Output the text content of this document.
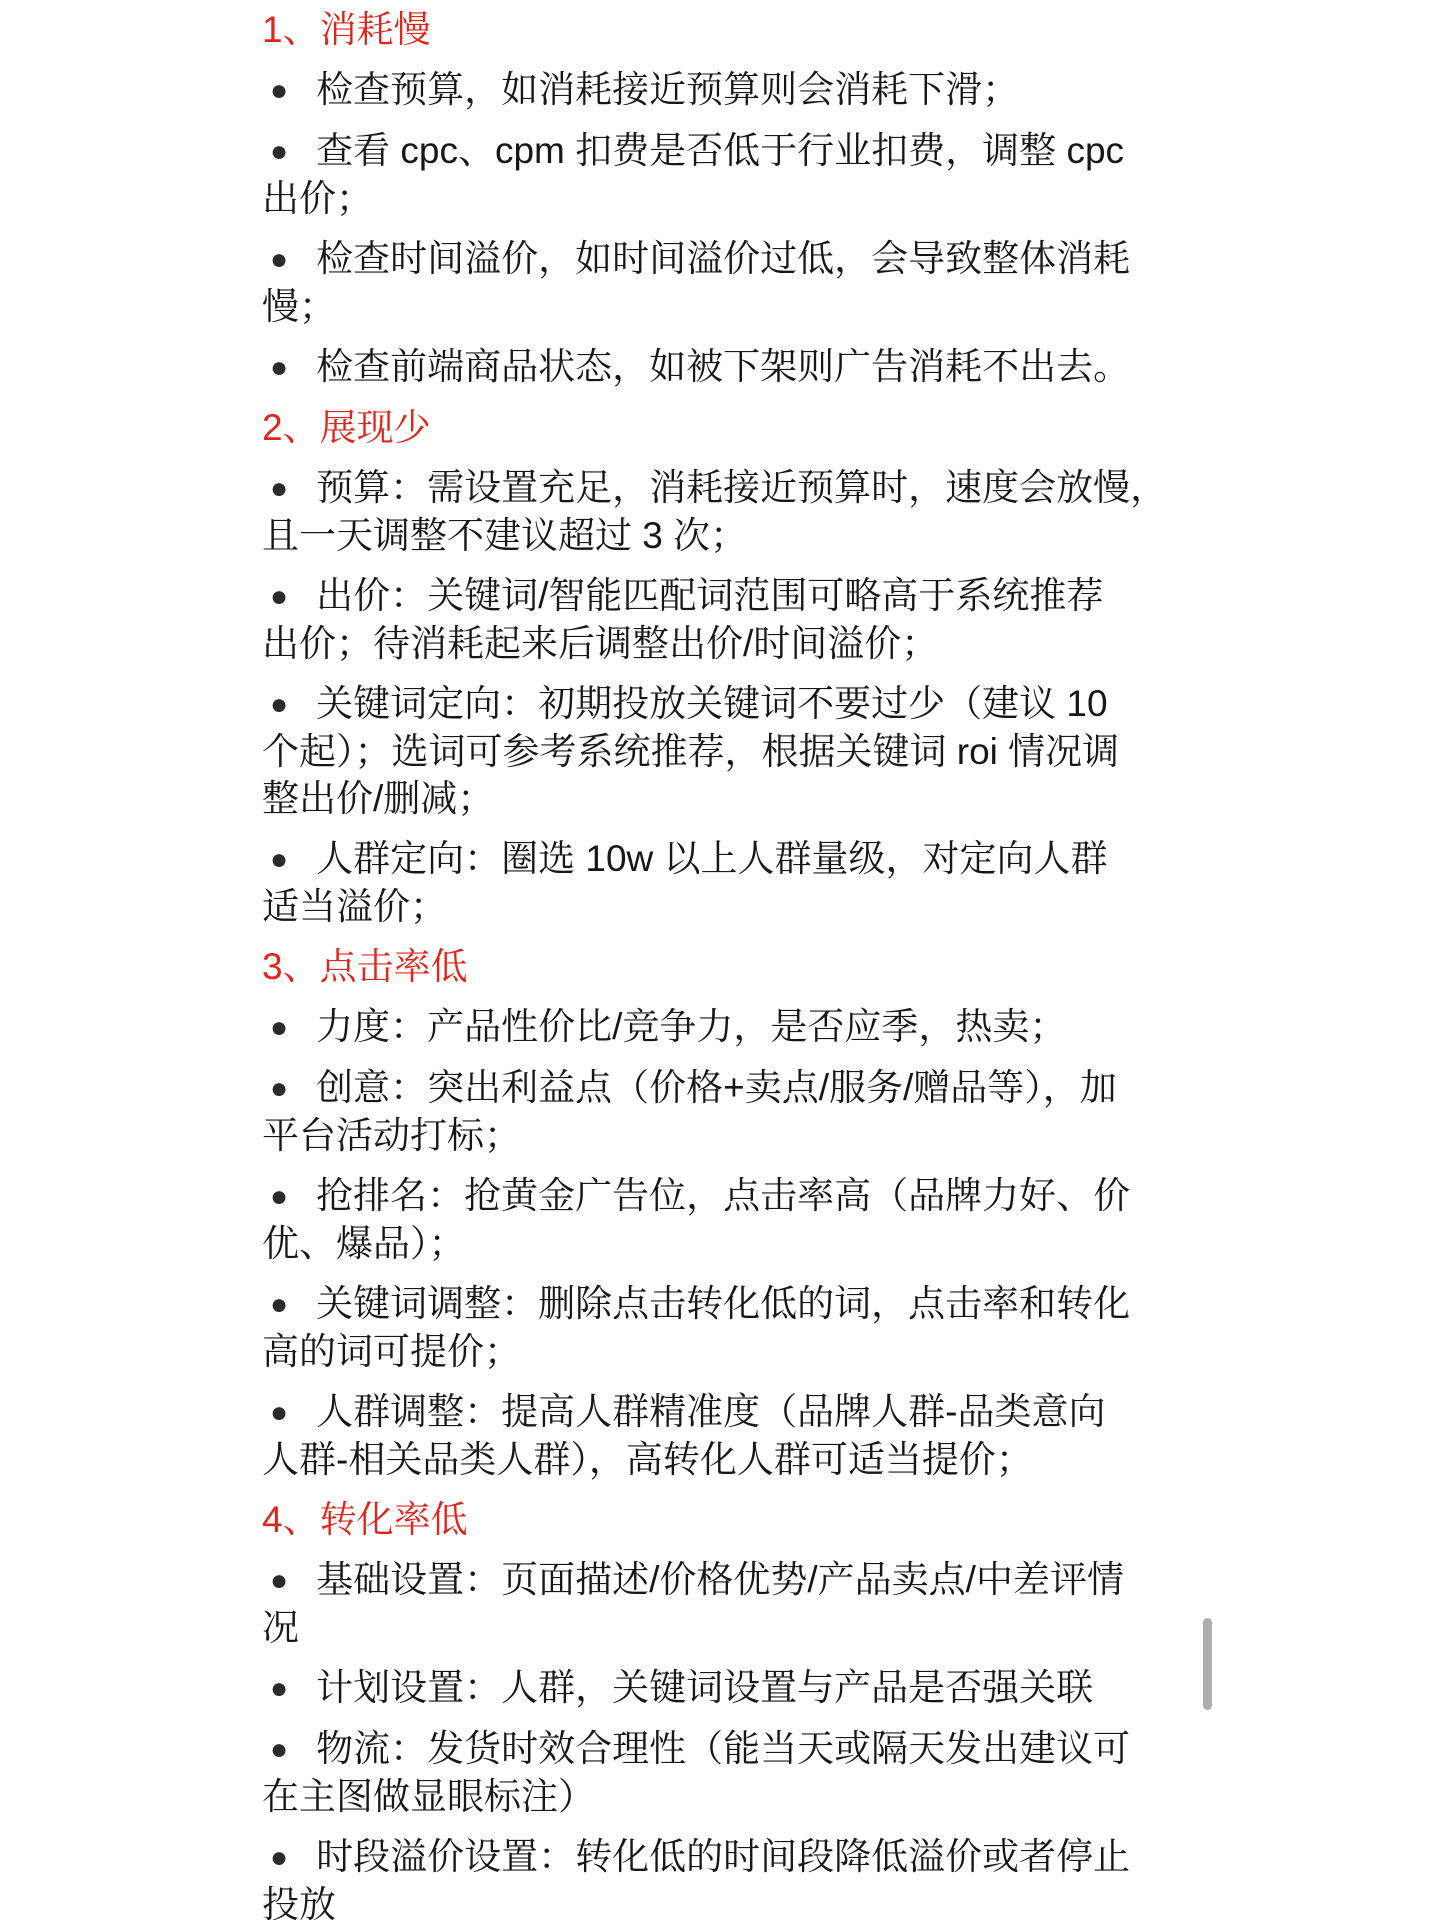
1、消耗慢

● 检查预算，如消耗接近预算则会消耗下滑；

● 查看 cpc、cpm 扣费是否低于行业扣费，调整 cpc
出价；

● 检查时间溢价，如时间溢价过低，会导致整体消耗
慢；

● 检查前端商品状态，如被下架则广告消耗不出去。

2、展现少

● 预算：需设置充足，消耗接近预算时，速度会放慢，
且一天调整不建议超过 3 次；

● 出价：关键词/智能匹配词范围可略高于系统推荐
出价；待消耗起来后调整出价/时间溢价；

● 关键词定向：初期投放关键词不要过少（建议 10
个起）；选词可参考系统推荐，根据关键词 roi 情况调
整出价/删减；

● 人群定向：圈选 10w 以上人群量级，对定向人群
适当溢价；

3、点击率低

● 力度：产品性价比/竞争力，是否应季，热卖；

● 创意：突出利益点（价格+卖点/服务/赠品等），加
平台活动打标；

● 抢排名：抢黄金广告位，点击率高（品牌力好、价
优、爆品）；

● 关键词调整：删除点击转化低的词，点击率和转化
高的词可提价；

● 人群调整：提高人群精准度（品牌人群-品类意向
人群-相关品类人群），高转化人群可适当提价；

4、转化率低

● 基础设置：页面描述/价格优势/产品卖点/中差评情
况

● 计划设置：人群，关键词设置与产品是否强关联

● 物流：发货时效合理性（能当天或隔天发出建议可
在主图做显眼标注）

● 时段溢价设置：转化低的时间段降低溢价或者停止
投放
